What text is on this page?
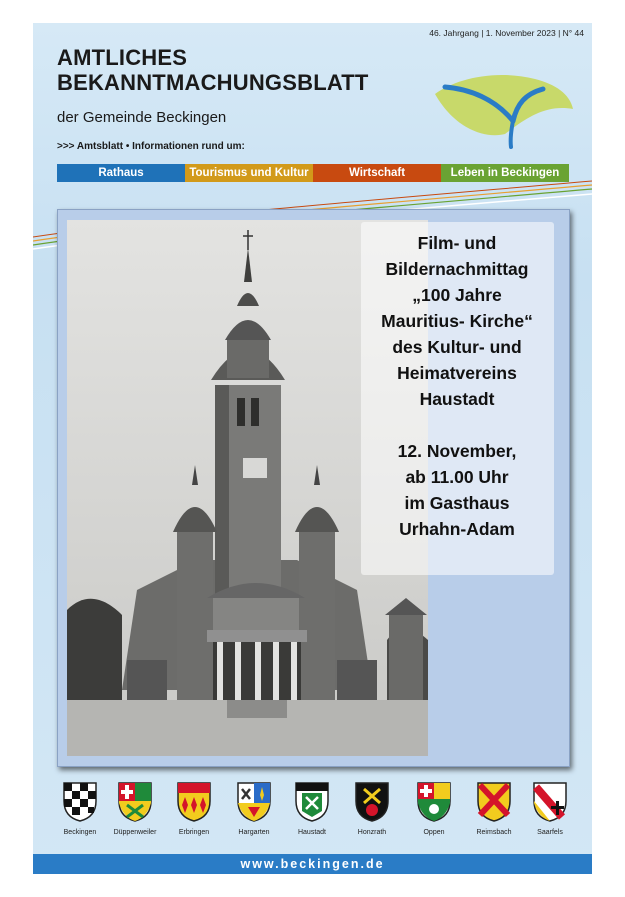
46. Jahrgang | 1. November 2023 | N° 44
AMTLICHES
BEKANNTMACHUNGSBLATT
der Gemeinde Beckingen
>>> Amtsblatt • Informationen rund um:
Rathaus	Tourismus und Kultur	Wirtschaft	Leben in Beckingen

Film- und

Bildernachmittag

„100 Jahre

Mauritius- Kirche“

des Kultur- und

Heimatvereins

Haustadt

12. November,

ab 11.00 Uhr

im Gasthaus

Urhahn-Adam

Beckingen	Düppenweiler	Erbringen	Hargarten	Haustadt	Honzrath	Oppen	Reimsbach	Saarfels
www.beckingen.de
